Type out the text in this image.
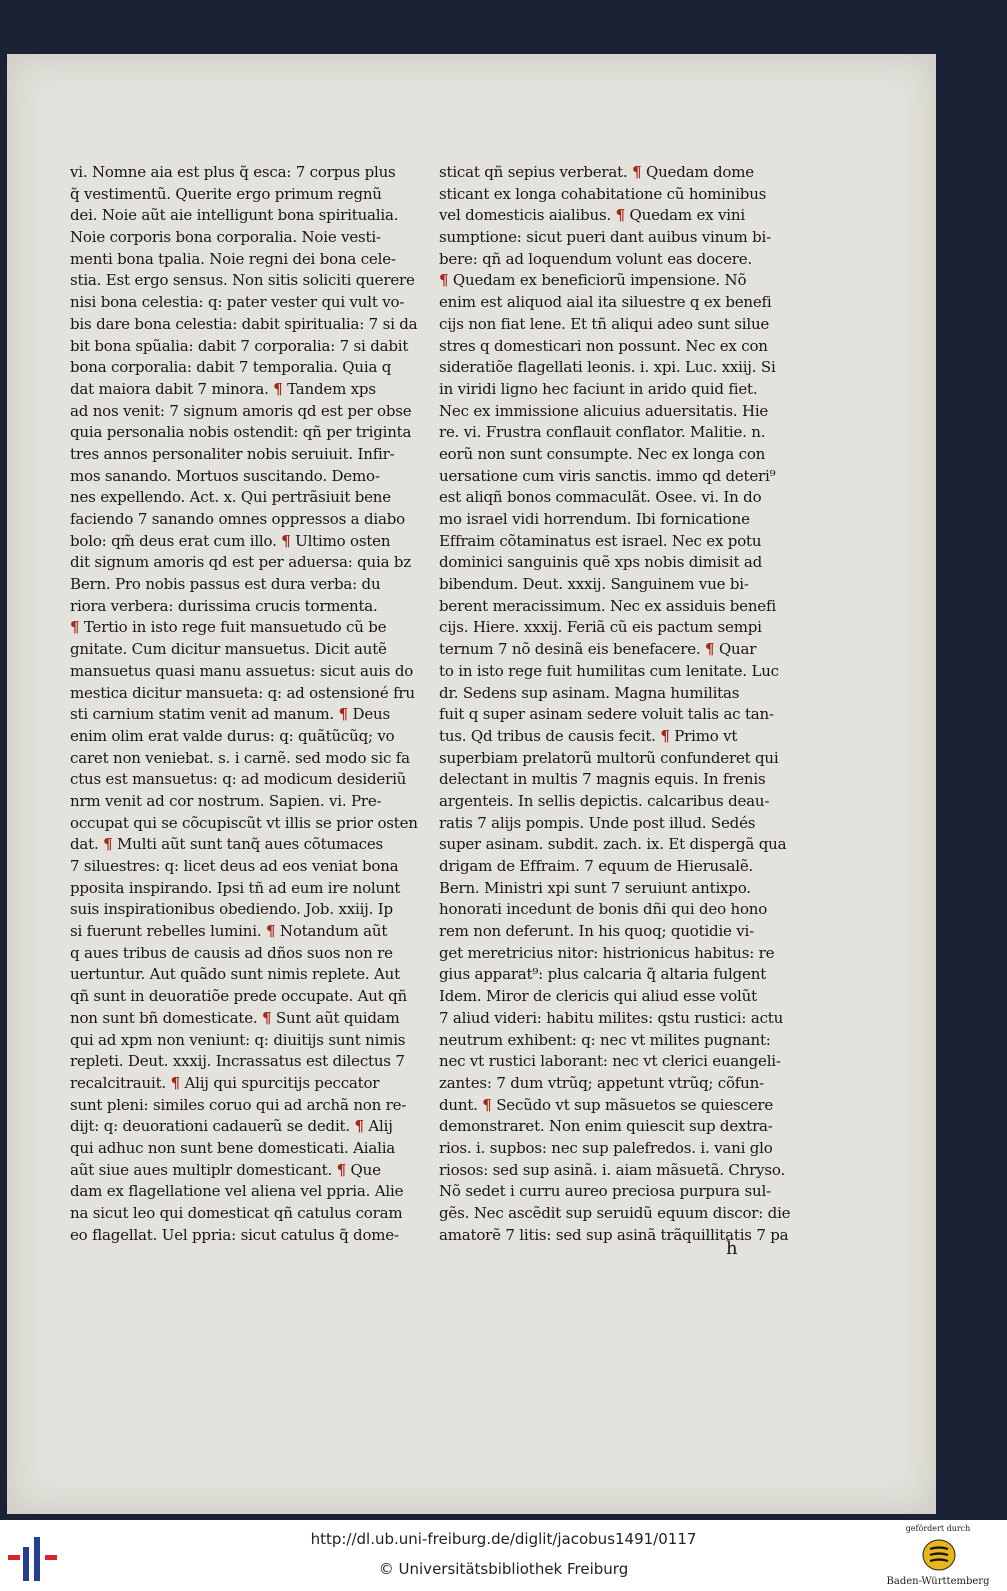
vi. Nomne aia est plus q̃ esca: 7 corpus plus
q̃ vestimentũ. Querite ergo primum regnũ
dei. Noie aũt aie intelligunt bona spiritualia.
Noie corporis bona corporalia. Noie vesti-
menti bona tpalia. Noie regni dei bona cele-
stia. Est ergo sensus. Non sitis soliciti querere
nisi bona celestia: q: pater vester qui vult vo-
bis dare bona celestia: dabit spiritualia: 7 si da
bit bona spũalia: dabit 7 corporalia: 7 si dabit
bona corporalia: dabit 7 temporalia. Quia q
dat maiora dabit 7 minora. ¶ Tandem xps
ad nos venit: 7 signum amoris qd est per obse
quia personalia nobis ostendit: qñ per triginta
tres annos personaliter nobis seruiuit. Infir-
mos sanando. Mortuos suscitando. Demo-
nes expellendo. Act. x. Qui pertrãsiuit bene
faciendo 7 sanando omnes oppressos a diabo
bolo: qm̃ deus erat cum illo. ¶ Ultimo osten
dit signum amoris qd est per aduersa: quia bz
Bern. Pro nobis passus est dura verba: du
riora verbera: durissima crucis tormenta.
¶ Tertio in isto rege fuit mansuetudo cũ be
gnitate. Cum dicitur mansuetus. Dicit autẽ
mansuetus quasi manu assuetus: sicut auis do
mestica dicitur mansueta: q: ad ostensioné fru
sti carnium statim venit ad manum. ¶ Deus
enim olim erat valde durus: q: quãtũcũq; vo
caret non veniebat. s. i carnẽ. sed modo sic fa
ctus est mansuetus: q: ad modicum desideriũ
nrm venit ad cor nostrum. Sapien. vi. Pre-
occupat qui se cõcupiscũt vt illis se prior osten
dat. ¶ Multi aũt sunt tanq̃ aues cõtumaces
7 siluestres: q: licet deus ad eos veniat bona
pposita inspirando. Ipsi tñ ad eum ire nolunt
suis inspirationibus obediendo. Job. xxiij. Ip
si fuerunt rebelles lumini. ¶ Notandum aũt
q aues tribus de causis ad dños suos non re
uertuntur. Aut quãdo sunt nimis replete. Aut
qñ sunt in deuoratiõe prede occupate. Aut qñ
non sunt bñ domesticate. ¶ Sunt aũt quidam
qui ad xpm non veniunt: q: diuitijs sunt nimis
repleti. Deut. xxxij. Incrassatus est dilectus 7
recalcitrauit. ¶ Alij qui spurcitijs peccator
sunt pleni: similes coruo qui ad archã non re-
dijt: q: deuorationi cadauerũ se dedit. ¶ Alij
qui adhuc non sunt bene domesticati. Aialia
aũt siue aues multiplr domesticant. ¶ Que
dam ex flagellatione vel aliena vel ppria. Alie
na sicut leo qui domesticat qñ catulus coram
eo flagellat. Uel ppria: sicut catulus q̃ dome-
sticat qñ sepius verberat. ¶ Quedam dome
sticant ex longa cohabitatione cũ hominibus
vel domesticis aialibus. ¶ Quedam ex vini
sumptione: sicut pueri dant auibus vinum bi-
bere: qñ ad loquendum volunt eas docere.
¶ Quedam ex beneficiorũ impensione. Nõ
enim est aliquod aial ita siluestre q ex benefi
cijs non fiat lene. Et tñ aliqui adeo sunt silue
stres q domesticari non possunt. Nec ex con
sideratiõe flagellati leonis. i. xpi. Luc. xxiij. Si
in viridi ligno hec faciunt in arido quid fiet.
Nec ex immissione alicuius aduersitatis. Hie
re. vi. Frustra conflauit conflator. Malitie. n.
eorũ non sunt consumpte. Nec ex longa con
uersatione cum viris sanctis. immo qd deteri⁹
est aliqñ bonos commaculãt. Osee. vi. In do
mo israel vidi horrendum. Ibi fornicatione
Effraim cõtaminatus est israel. Nec ex potu
dominici sanguinis quẽ xps nobis dimisit ad
bibendum. Deut. xxxij. Sanguinem vue bi-
berent meracissimum. Nec ex assiduis benefi
cijs. Hiere. xxxij. Feriã cũ eis pactum sempi
ternum 7 nõ desinã eis benefacere. ¶ Quar
to in isto rege fuit humilitas cum lenitate. Luc
dr. Sedens sup asinam. Magna humilitas
fuit q super asinam sedere voluit talis ac tan-
tus. Qd tribus de causis fecit. ¶ Primo vt
superbiam prelatorũ multorũ confunderet qui
delectant in multis 7 magnis equis. In frenis
argenteis. In sellis depictis. calcaribus deau-
ratis 7 alijs pompis. Unde post illud. Sedés
super asinam. subdit. zach. ix. Et dispergã qua
drigam de Effraim. 7 equum de Hierusalẽ.
Bern. Ministri xpi sunt 7 seruiunt antixpo.
honorati incedunt de bonis dñi qui deo hono
rem non deferunt. In his quoq; quotidie vi-
get meretricius nitor: histrionicus habitus: re
gius apparat⁹: plus calcaria q̃ altaria fulgent
Idem. Miror de clericis qui aliud esse volũt
7 aliud videri: habitu milites: qstu rustici: actu
neutrum exhibent: q: nec vt milites pugnant:
nec vt rustici laborant: nec vt clerici euangeli-
zantes: 7 dum vtrũq; appetunt vtrũq; cõfun-
dunt. ¶ Secũdo vt sup mãsuetos se quiescere
demonstraret. Non enim quiescit sup dextra-
rios. i. supbos: nec sup palefredos. i. vani glo
riosos: sed sup asinã. i. aiam mãsuetã. Chryso.
Nõ sedet i curru aureo preciosa purpura sul-
gẽs. Nec ascẽdit sup seruidũ equum discor: die
amatorẽ 7 litis: sed sup asinã trãquillitatis 7 pa
h
http://dl.ub.uni-freiburg.de/diglit/jacobus1491/0117
© Universitätsbibliothek Freiburg
gefördert durch
Baden-Württemberg
